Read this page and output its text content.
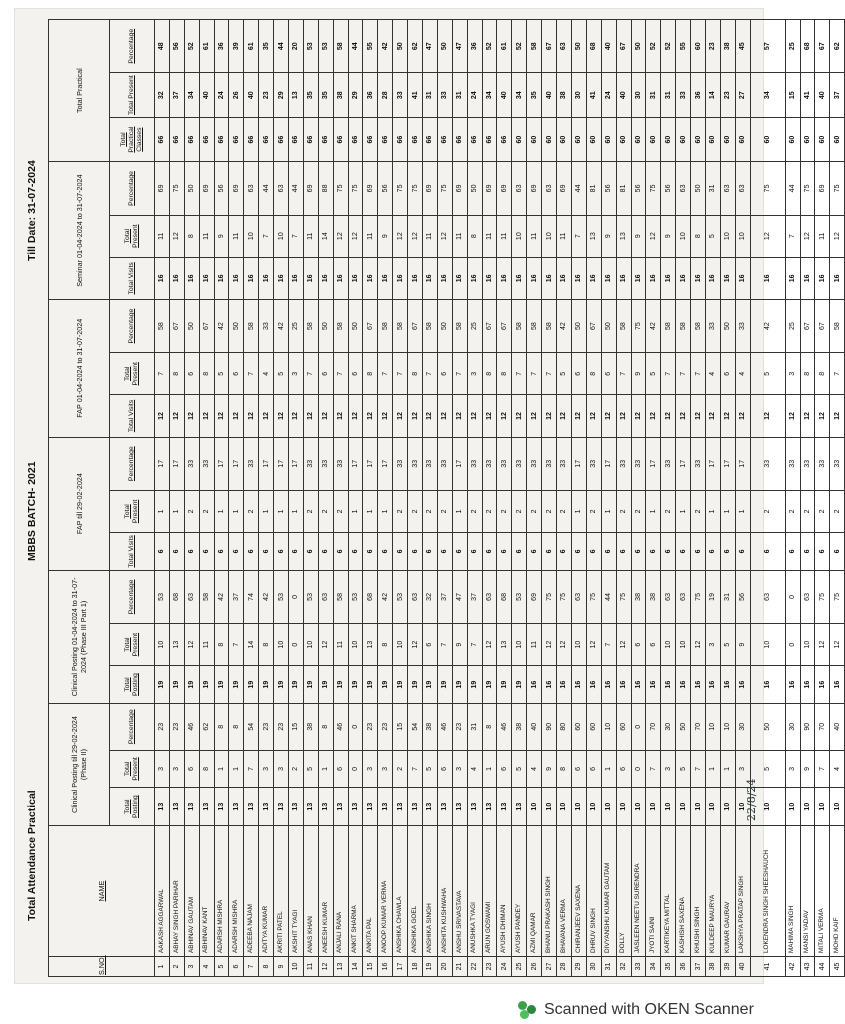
Total Attendance Practical
MBBS BATCH- 2021
Till Date: 31-07-2024
S.NO.	NAME	Clinical Posting till 29-02-2024 (Phase II)			Clinical Posting 01-04-2024 to 31-07-2024 (Phase III Part 1)			FAP till 29-02-2024			FAP 01-04-2024 to 31-07-2024			Seminar 01-04-2024 to 31-07-2024			Total Practical		
		Total Posting	Total Present	Percentage	Total Posting	Total Present	Percentage	Total Visits	Total Present	Percentage	Total Visits	Total Present	Percentage	Total Visits	Total Present	Percentage	Total Practical Classes	Total Present	Percentage
1	AAKASH AGGARWAL	13	3	23	19	10	53	6	1	17	12	7	58	16	11	69	66	32	48
2	ABHAY SINGH PARIHAR	13	3	23	19	13	68	6	1	17	12	8	67	16	12	75	66	37	56
3	ABHINAV GAUTAM	13	6	46	19	12	63	6	2	33	12	6	50	16	8	50	66	34	52
4	ABHINAV KANT	13	8	62	19	11	58	6	2	33	12	8	67	16	11	69	66	40	61
5	ADARSH MISHRA	13	1	8	19	8	42	6	1	17	12	5	42	16	9	56	66	24	36
6	ADARSH MISHRA	13	1	8	19	7	37	6	1	17	12	6	50	16	11	69	66	26	39
7	ADEEBA NAJAM	13	7	54	19	14	74	6	2	33	12	7	58	16	10	63	66	40	61
8	ADITYA KUMAR	13	3	23	19	8	42	6	1	17	12	4	33	16	7	44	66	23	35
9	AKRITI PATEL	13	3	23	19	10	53	6	1	17	12	5	42	16	10	63	66	29	44
10	AKSHIT TYAGI	13	2	15	19	0	0	6	1	17	12	3	25	16	7	44	66	13	20
11	ANAS KHAN	13	5	38	19	10	53	6	2	33	12	7	58	16	11	69	66	35	53
12	ANEESH KUMAR	13	1	8	19	12	63	6	2	33	12	6	50	16	14	88	66	35	53
13	ANJALI RANA	13	6	46	19	11	58	6	2	33	12	7	58	16	12	75	66	38	58
14	ANKIT SHARMA	13	0	0	19	10	53	6	1	17	12	6	50	16	12	75	66	29	44
15	ANKITA PAL	13	3	23	19	13	68	6	1	17	12	8	67	16	11	69	66	36	55
16	ANOOP KUMAR VERMA	13	3	23	19	8	42	6	1	17	12	7	58	16	9	56	66	28	42
17	ANSHIKA CHAWLA	13	2	15	19	10	53	6	2	33	12	7	58	16	12	75	66	33	50
18	ANSHIKA GOEL	13	7	54	19	12	63	6	2	33	12	8	67	16	12	75	66	41	62
19	ANSHIKA SINGH	13	5	38	19	6	32	6	2	33	12	7	58	16	11	69	66	31	47
20	ANSHITA KUSHWAHA	13	6	46	19	7	37	6	2	33	12	6	50	16	12	75	66	33	50
21	ANSHU SRIVASTAVA	13	3	23	19	9	47	6	1	17	12	7	58	16	11	69	66	31	47
22	ANUSHKA TYAGI	13	4	31	19	7	37	6	2	33	12	3	25	16	8	50	66	24	36
23	ARUN GOSWAMI	13	1	8	19	12	63	6	2	33	12	8	67	16	11	69	66	34	52
24	AYUSH DHIMAN	13	6	46	19	13	68	6	2	33	12	8	67	16	11	69	66	40	61
25	AYUSH PANDEY	13	5	38	19	10	53	6	2	33	12	7	58	16	10	63	60	34	52
26	AZMI QAMAR	10	4	40	16	11	69	6	2	33	12	7	58	16	11	69	60	35	58
27	BHANU PRAKASH SINGH	10	9	90	16	12	75	6	2	33	12	7	58	16	10	63	60	40	67
28	BHAVANA VERMA	10	8	80	16	12	75	6	2	33	12	5	42	16	11	69	60	38	63
29	CHIRANJEEV SAXENA	10	6	60	16	10	63	6	1	17	12	6	50	16	7	44	60	30	50
30	DHRUV SINGH	10	6	60	16	12	75	6	2	33	12	8	67	16	13	81	60	41	68
31	DIVYANSHU KUMAR GAUTAM	10	1	10	16	7	44	6	1	17	12	6	50	16	9	56	60	24	40
32	DOLLY	10	6	60	16	12	75	6	2	33	12	7	58	16	13	81	60	40	67
33	JASLEEN NEETU SURENDRA	10	0	0	16	6	38	6	2	33	12	9	75	16	9	56	60	30	50
34	JYOTI SAINI	10	7	70	16	6	38	6	1	17	12	5	42	16	12	75	60	31	52
35	KARTIKEYA MITTAL	10	3	30	16	10	63	6	2	33	12	7	58	16	9	56	60	31	52
36	KASHISH SAXENA	10	5	50	16	10	63	6	1	17	12	7	58	16	10	63	60	33	55
37	KHUSHI SINGH	10	7	70	16	12	75	6	2	33	12	7	58	16	8	50	60	36	60
38	KULDEEP MAURYA	10	1	10	16	3	19	6	1	17	12	4	33	16	5	31	60	14	23
39	KUMAR GAURAV	10	1	10	16	5	31	6	1	17	12	6	50	16	10	63	60	23	38
40	LAKSHYA PRATAP SINGH	10	3	30	16	9	56	6	1	17	12	4	33	16	10	63	60	27	45
41	LOKENDRA SINGH SHEESHAUCH	10	5	50	16	10	63	6	2	33	12	5	42	16	12	75	60	34	57
42	MAHIMA SINGH	10	3	30	16	0	0	6	2	33	12	3	25	16	7	44	60	15	25
43	MANSI YADAV	10	9	90	16	10	63	6	2	33	12	8	67	16	12	75	60	41	68
44	MITALI VERMA	10	7	70	16	12	75	6	2	33	12	8	67	16	11	69	60	40	67
45	MOHD KAIF	10	4	40	16	12	75	6	2	33	12	7	58	16	12	75	60	37	62
22/8/24
Scanned with OKEN Scanner
